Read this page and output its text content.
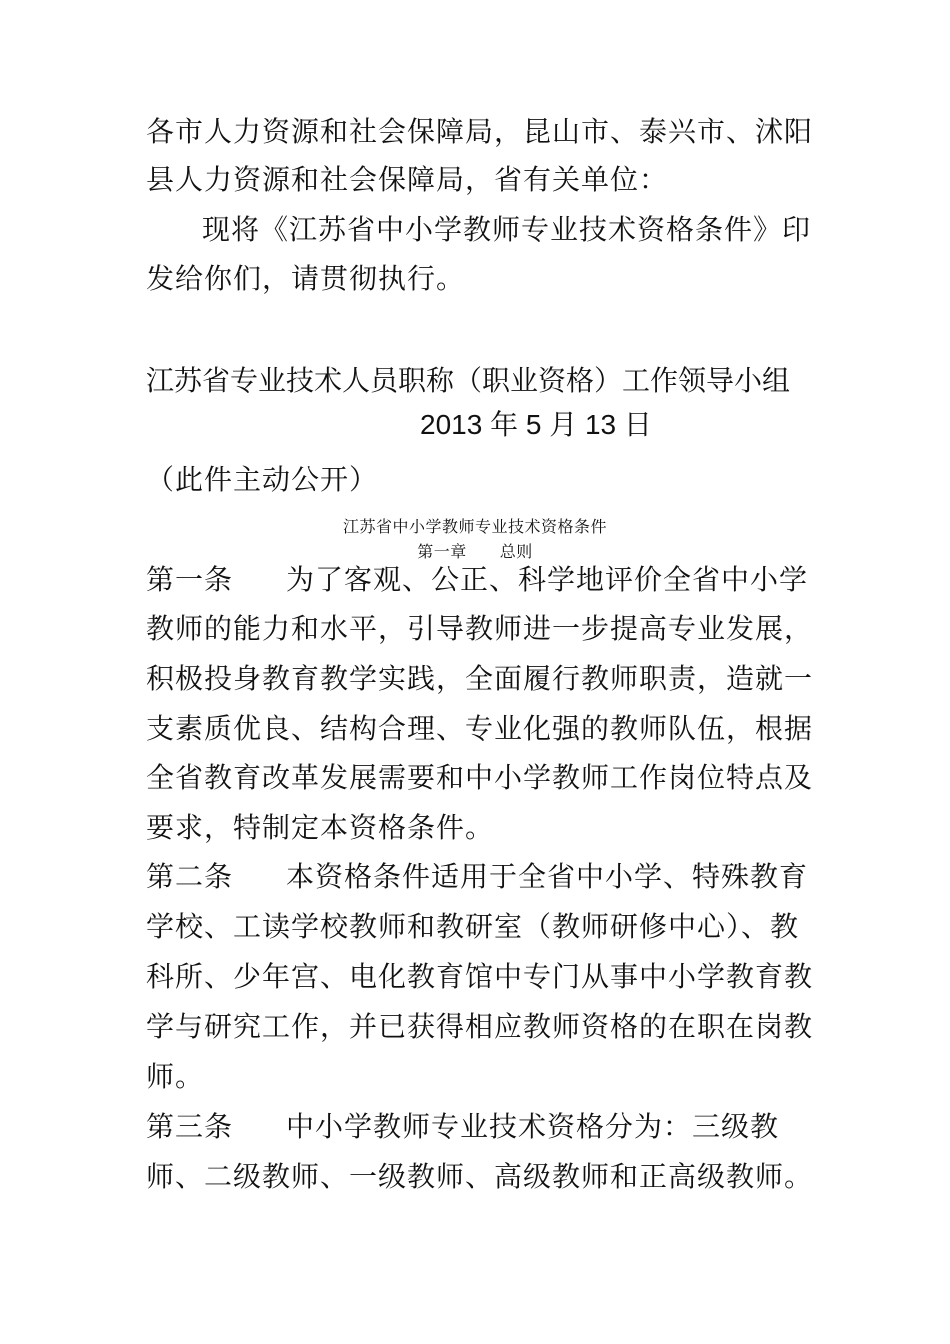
各市人力资源和社会保障局，昆山市、泰兴市、沭阳
县人力资源和社会保障局，省有关单位：
现将《江苏省中小学教师专业技术资格条件》印
发给你们，请贯彻执行。
江苏省专业技术人员职称（职业资格）工作领导小组
2013 年 5 月 13 日
（此件主动公开）
江苏省中小学教师专业技术资格条件
第一章　　总则
第一条 为了客观、公正、科学地评价全省中小学
教师的能力和水平，引导教师进一步提高专业发展，
积极投身教育教学实践，全面履行教师职责，造就一
支素质优良、结构合理、专业化强的教师队伍，根据
全省教育改革发展需要和中小学教师工作岗位特点及
要求，特制定本资格条件。
第二条 本资格条件适用于全省中小学、特殊教育
学校、工读学校教师和教研室（教师研修中心）、教
科所、少年宫、电化教育馆中专门从事中小学教育教
学与研究工作，并已获得相应教师资格的在职在岗教
师。
第三条 中小学教师专业技术资格分为：三级教
师、二级教师、一级教师、高级教师和正高级教师。
